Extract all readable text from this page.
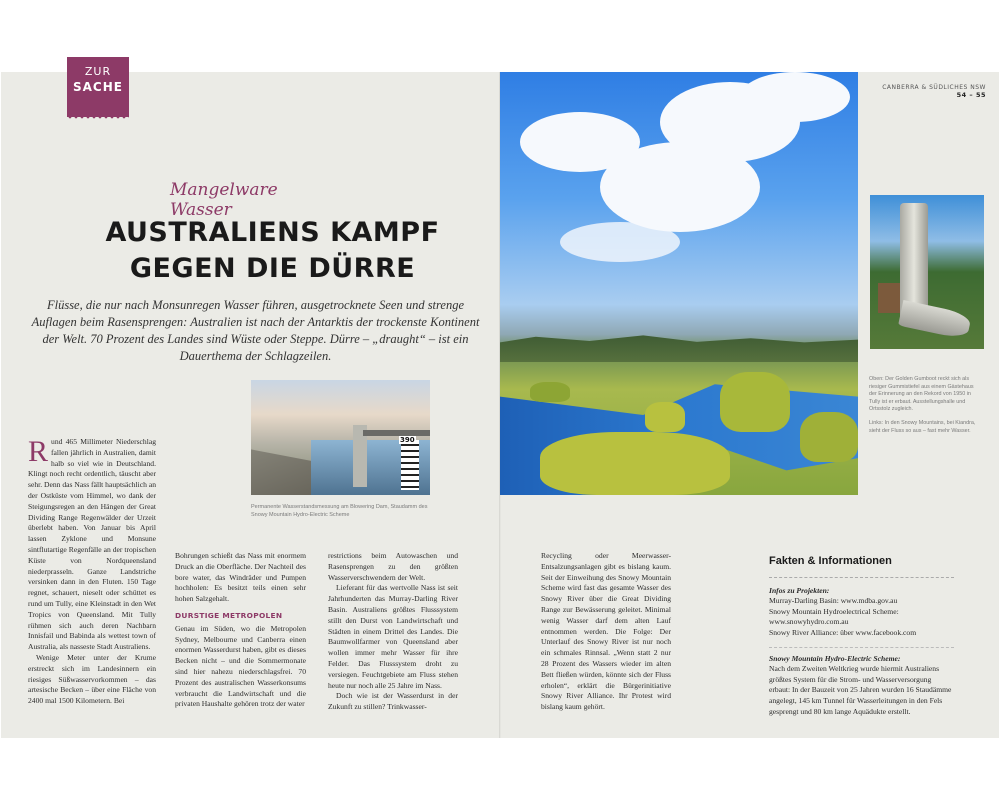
ZUR
SACHE
Mangelware Wasser
AUSTRALIENS KAMPF
GEGEN DIE DÜRRE

Flüsse, die nur nach Monsunregen Wasser führen, ausgetrocknete Seen und strenge Auflagen beim Rasensprengen: Australien ist nach der Antarktis der trockenste Kontinent der Welt. 70 Prozent des Landes sind Wüste oder Steppe. Dürre – „draught“ – ist ein Dauerthema der Schlagzeilen.

390
Permanente Wasserstandsmessung am Blowering Dam, Staudamm des Snowy Mountain Hydro-Electric Scheme

Rund 465 Millimeter Niederschlag fallen jährlich in Australien, damit halb so viel wie in Deutschland. Klingt noch recht ordentlich, täuscht aber sehr. Denn das Nass fällt hauptsächlich an der Ostküste vom Himmel, wo dank der Steigungsregen an den Hängen der Great Dividing Range Regenwälder der Urzeit überlebt haben. Von Januar bis April lassen Zyklone und Monsune sintflutartige Regenfälle an der tropischen Küste von Nordqueensland niederprasseln. Ganze Landstriche versinken dann in den Fluten. 150 Tage regnet, schauert, nieselt oder schüttet es rund um Tully, eine Kleinstadt in den Wet Tropics von Queensland. Mit Tully rühmen sich auch deren Nachbarn Innisfail und Babinda als wettest town of Australia, als nasseste Stadt Australiens.

Wenige Meter unter der Krume erstreckt sich im Landesinnern ein riesiges Süßwasservorkommen – das artesische Becken – über eine Fläche von 2400 mal 1500 Kilometern. Bei

Bohrungen schießt das Nass mit enormem Druck an die Oberfläche. Der Nachteil des bore water, das Windräder und Pumpen hochholen: Es besitzt teils einen sehr hohen Salzgehalt.

DURSTIGE METROPOLEN

Genau im Süden, wo die Metropolen Sydney, Melbourne und Canberra einen enormen Wasserdurst haben, gibt es dieses Becken nicht – und die Sommermonate sind hier nahezu niederschlagsfrei. 70 Prozent des australischen Wasserkonsums verbraucht die Landwirtschaft und die privaten Haushalte gehören trotz der water

restrictions beim Autowaschen und Rasensprengen zu den größten Wasserverschwendern der Welt.

Lieferant für das wertvolle Nass ist seit Jahrhunderten das Murray-Darling River Basin. Australiens größtes Flusssystem stillt den Durst von Landwirtschaft und Städten in einem Drittel des Landes. Die Baumwollfarmer von Queensland aber wollen immer mehr Wasser für ihre Felder. Das Flusssystem droht zu versiegen. Feuchtgebiete am Fluss stehen heute nur noch alle 25 Jahre im Nass.

Doch wie ist der Wasserdurst in der Zukunft zu stillen? Trinkwasser-

Recycling oder Meerwasser-Entsalzungsanlagen gibt es bislang kaum. Seit der Einweihung des Snowy Mountain Scheme wird fast das gesamte Wasser des Snowy River über die Great Dividing Range zur Bewässerung geleitet. Minimal wenig Wasser darf dem alten Lauf entnommen werden. Die Folge: Der Unterlauf des Snowy River ist nur noch ein schmales Rinnsal. „Wenn statt 2 nur 28 Prozent des Wassers wieder im alten Bett fließen würden, könnte sich der Fluss erholen“, erklärt die Bürgerinitiative Snowy River Alliance. Ihr Protest wird bislang kaum gehört.

CANBERRA & SÜDLICHES NSW
54 – 55

Oben: Der Golden Gumboot reckt sich als riesiger Gummistiefel aus einem Gästehaus der Erinnerung an den Rekord von 1950 in Tully ist er erbaut. Ausstellungshalle und Ortsstolz zugleich.

Links: In den Snowy Mountains, bei Kiandra, sieht der Fluss so aus – fast mehr Wasser.

Fakten & Informationen
Infos zu Projekten:
Murray-Darling Basin: www.mdba.gov.au
Snowy Mountain Hydroelectrical Scheme:
www.snowyhydro.com.au
Snowy River Alliance: über www.facebook.com
Snowy Mountain Hydro-Electric Scheme:
Nach dem Zweiten Weltkrieg wurde hiermit Australiens größtes System für die Strom- und Wasserversorgung erbaut: In der Bauzeit von 25 Jahren wurden 16 Staudämme angelegt, 145 km Tunnel für Wasserleitungen in den Fels gesprengt und 80 km lange Aquädukte erstellt.
